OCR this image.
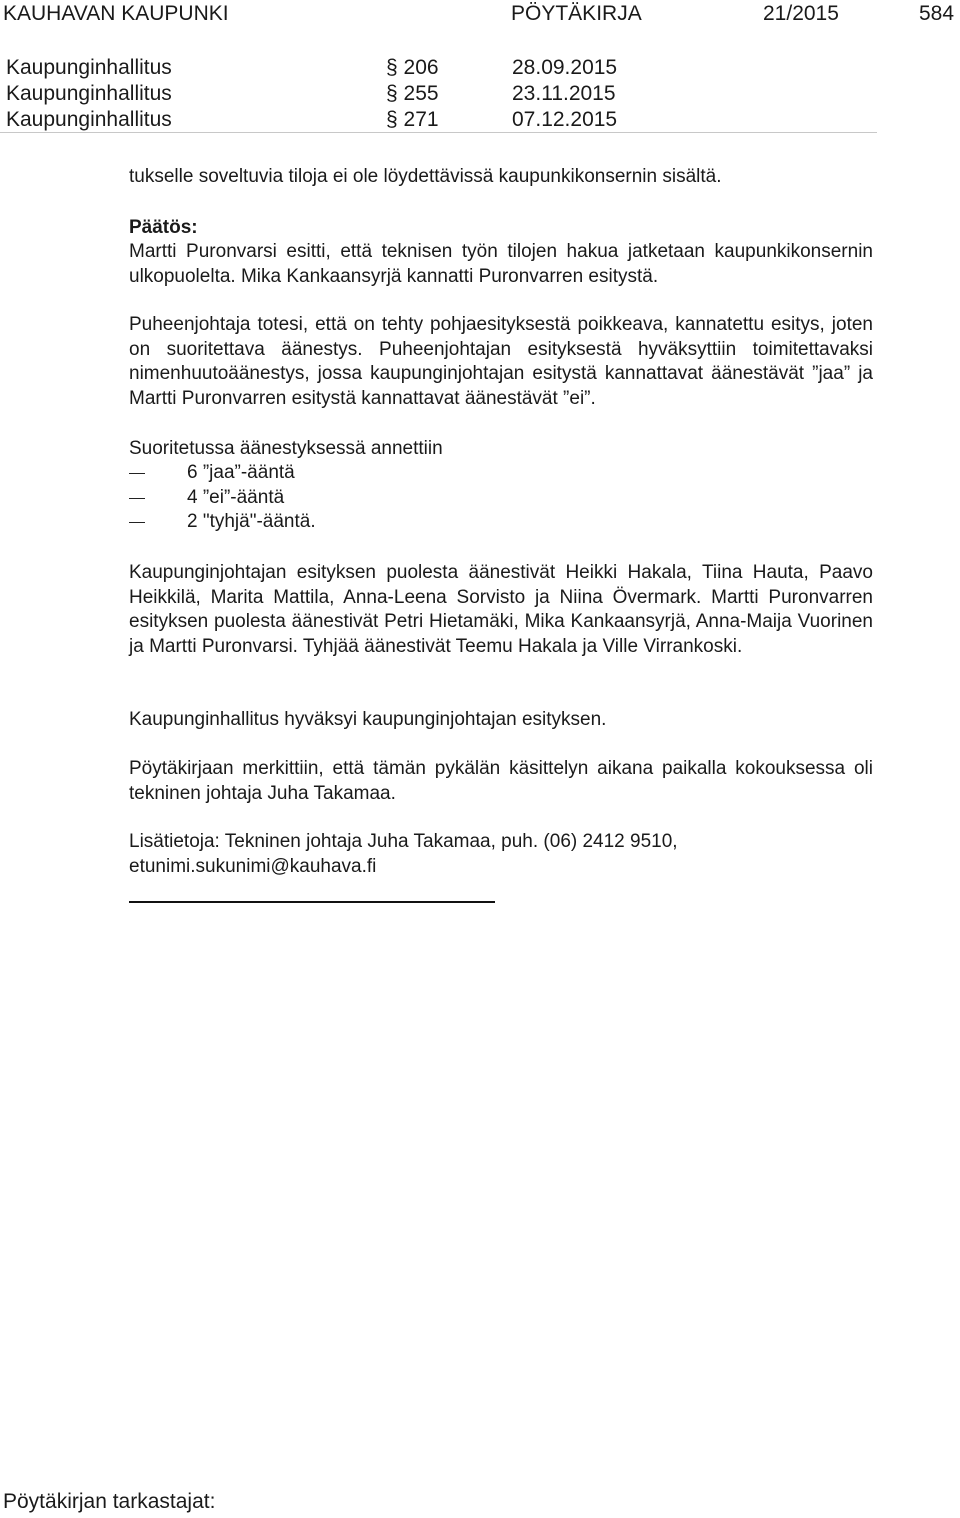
KAUHAVAN KAUPUNKI	PÖYTÄKIRJA	21/2015	584
Kaupunginhallitus	§ 206	28.09.2015
Kaupunginhallitus	§ 255	23.11.2015
Kaupunginhallitus	§ 271	07.12.2015

tukselle soveltuvia tiloja ei ole löydettävissä kaupunkikonsernin sisältä.

Päätös:

Martti Puronvarsi esitti, että teknisen työn tilojen hakua jatketaan kaupunkikonsernin ulkopuolelta. Mika Kankaansyrjä kannatti Puronvarren esitystä.

Puheenjohtaja totesi, että on tehty pohjaesityksestä poikkeava, kannatettu esitys, joten on suoritettava äänestys. Puheenjohtajan esityksestä hyväksyttiin toimitettavaksi nimenhuutoäänestys, jossa kaupunginjohtajan esitystä kannattavat äänestävät ”jaa” ja Martti Puronvarren esitystä kannattavat äänestävät ”ei”.

Suoritetussa äänestyksessä annettiin

6 ”jaa”-ääntä
4 ”ei”-ääntä
2 "tyhjä"-ääntä.

Kaupunginjohtajan esityksen puolesta äänestivät Heikki Hakala, Tiina Hauta, Paavo Heikkilä, Marita Mattila, Anna-Leena Sorvisto ja Niina Övermark. Martti Puronvarren esityksen puolesta äänestivät Petri Hietamäki, Mika Kankaansyrjä, Anna-Maija Vuorinen ja Martti Puronvarsi. Tyhjää äänestivät Teemu Hakala ja Ville Virrankoski.

Kaupunginhallitus hyväksyi kaupunginjohtajan esityksen.

Pöytäkirjaan merkittiin, että tämän pykälän käsittelyn aikana paikalla kokouksessa oli tekninen johtaja Juha Takamaa.

Lisätietoja: Tekninen johtaja Juha Takamaa, puh. (06) 2412 9510,
etunimi.sukunimi@kauhava.fi
Pöytäkirjan tarkastajat:
